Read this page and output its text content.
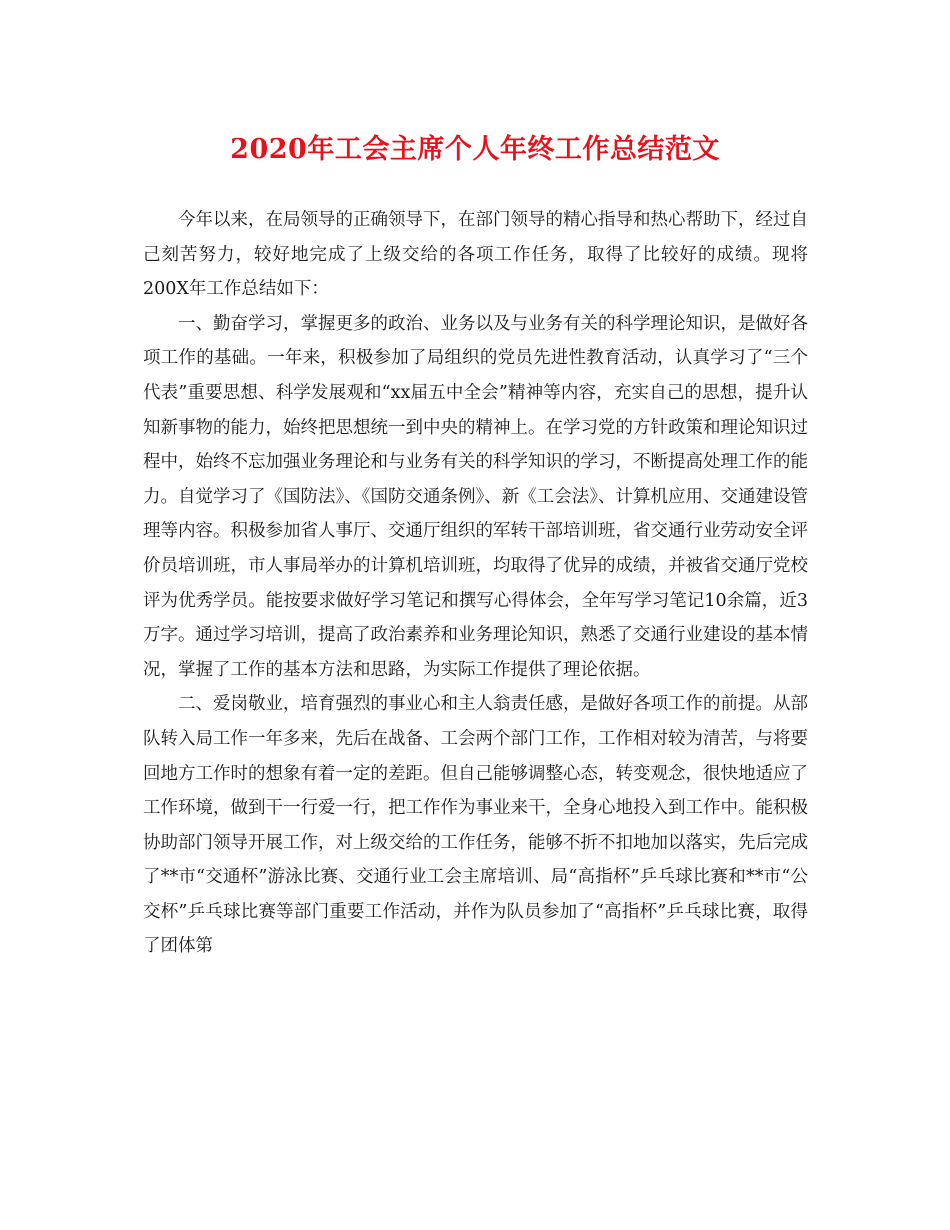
2020年工会主席个人年终工作总结范文

今年以来，在局领导的正确领导下，在部门领导的精心指导和热心帮助下，经过自己刻苦努力，较好地完成了上级交给的各项工作任务，取得了比较好的成绩。现将200X年工作总结如下：

一、勤奋学习，掌握更多的政治、业务以及与业务有关的科学理论知识，是做好各项工作的基础。一年来，积极参加了局组织的党员先进性教育活动，认真学习了“三个代表”重要思想、科学发展观和“xx届五中全会”精神等内容，充实自己的思想，提升认知新事物的能力，始终把思想统一到中央的精神上。在学习党的方针政策和理论知识过程中，始终不忘加强业务理论和与业务有关的科学知识的学习，不断提高处理工作的能力。自觉学习了《国防法》、《国防交通条例》、新《工会法》、计算机应用、交通建设管理等内容。积极参加省人事厅、交通厅组织的军转干部培训班，省交通行业劳动安全评价员培训班，市人事局举办的计算机培训班，均取得了优异的成绩，并被省交通厅党校评为优秀学员。能按要求做好学习笔记和撰写心得体会，全年写学习笔记10余篇，近3万字。通过学习培训，提高了政治素养和业务理论知识，熟悉了交通行业建设的基本情况，掌握了工作的基本方法和思路，为实际工作提供了理论依据。

二、爱岗敬业，培育强烈的事业心和主人翁责任感，是做好各项工作的前提。从部队转入局工作一年多来，先后在战备、工会两个部门工作，工作相对较为清苦，与将要回地方工作时的想象有着一定的差距。但自己能够调整心态，转变观念，很快地适应了工作环境，做到干一行爱一行，把工作作为事业来干，全身心地投入到工作中。能积极协助部门领导开展工作，对上级交给的工作任务，能够不折不扣地加以落实，先后完成了**市“交通杯”游泳比赛、交通行业工会主席培训、局“高指杯”乒乓球比赛和**市“公交杯”乒乓球比赛等部门重要工作活动，并作为队员参加了“高指杯”乒乓球比赛，取得了团体第
